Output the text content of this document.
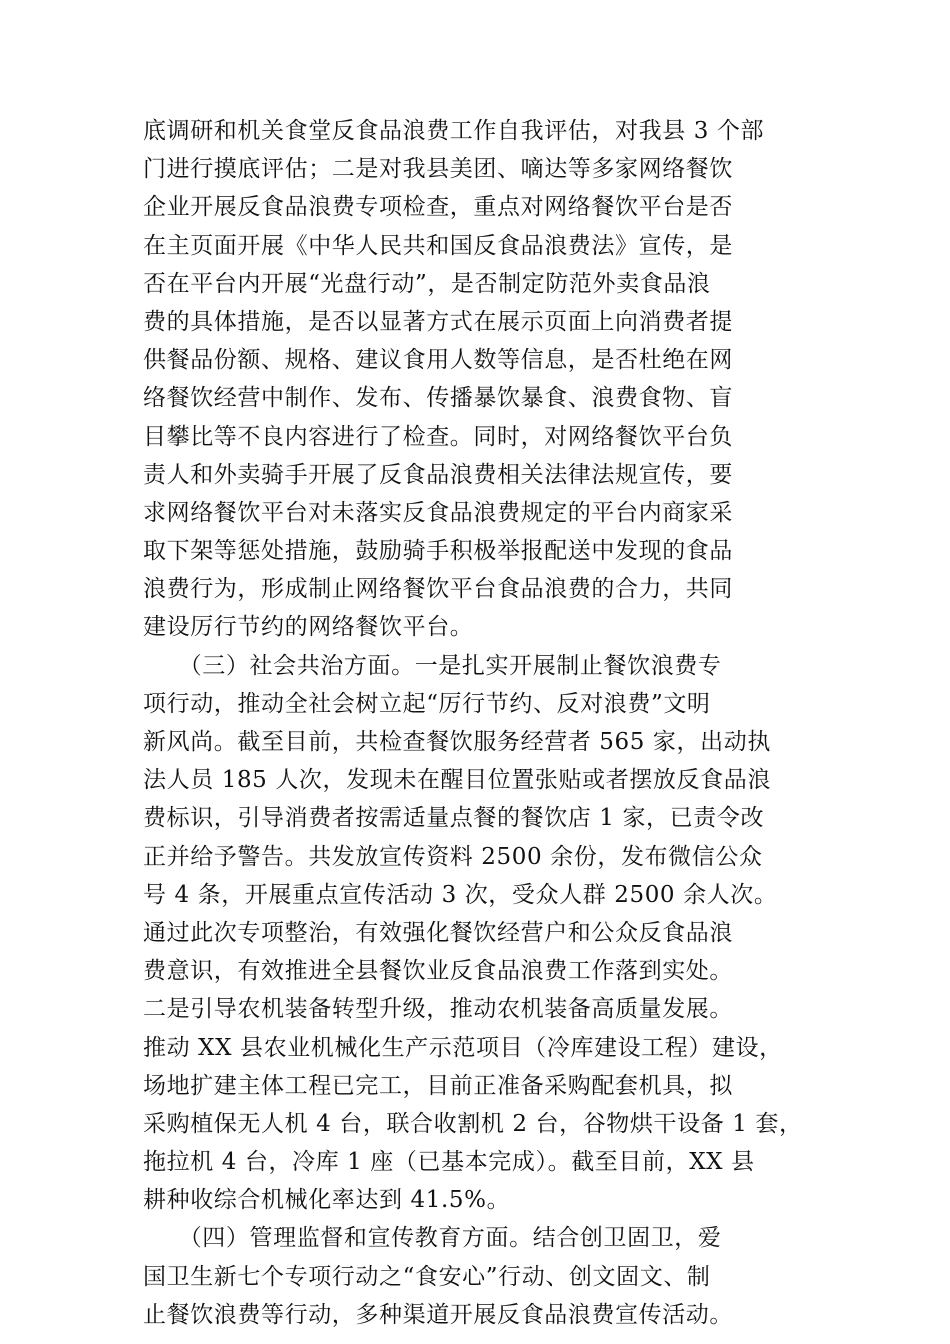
底调研和机关食堂反食品浪费工作自我评估，对我县 3 个部
门进行摸底评估；二是对我县美团、嘀达等多家网络餐饮
企业开展反食品浪费专项检查，重点对网络餐饮平台是否
在主页面开展《中华人民共和国反食品浪费法》宣传，是
否在平台内开展“光盘行动”，是否制定防范外卖食品浪
费的具体措施，是否以显著方式在展示页面上向消费者提
供餐品份额、规格、建议食用人数等信息，是否杜绝在网
络餐饮经营中制作、发布、传播暴饮暴食、浪费食物、盲
目攀比等不良内容进行了检查。同时，对网络餐饮平台负
责人和外卖骑手开展了反食品浪费相关法律法规宣传，要
求网络餐饮平台对未落实反食品浪费规定的平台内商家采
取下架等惩处措施，鼓励骑手积极举报配送中发现的食品
浪费行为，形成制止网络餐饮平台食品浪费的合力，共同
建设厉行节约的网络餐饮平台。
　　（三）社会共治方面。一是扎实开展制止餐饮浪费专
项行动，推动全社会树立起“厉行节约、反对浪费”文明
新风尚。截至目前，共检查餐饮服务经营者 565 家，出动执
法人员 185 人次，发现未在醒目位置张贴或者摆放反食品浪
费标识，引导消费者按需适量点餐的餐饮店 1 家，已责令改
正并给予警告。共发放宣传资料 2500 余份，发布微信公众
号 4 条，开展重点宣传活动 3 次，受众人群 2500 余人次。
通过此次专项整治，有效强化餐饮经营户和公众反食品浪
费意识，有效推进全县餐饮业反食品浪费工作落到实处。
二是引导农机装备转型升级，推动农机装备高质量发展。
推动 XX 县农业机械化生产示范项目（冷库建设工程）建设，
场地扩建主体工程已完工，目前正准备采购配套机具，拟
采购植保无人机 4 台，联合收割机 2 台，谷物烘干设备 1 套，
拖拉机 4 台，冷库 1 座（已基本完成）。截至目前，XX 县
耕种收综合机械化率达到 41.5%。
　　（四）管理监督和宣传教育方面。结合创卫固卫，爱
国卫生新七个专项行动之“食安心”行动、创文固文、制
止餐饮浪费等行动，多种渠道开展反食品浪费宣传活动。
